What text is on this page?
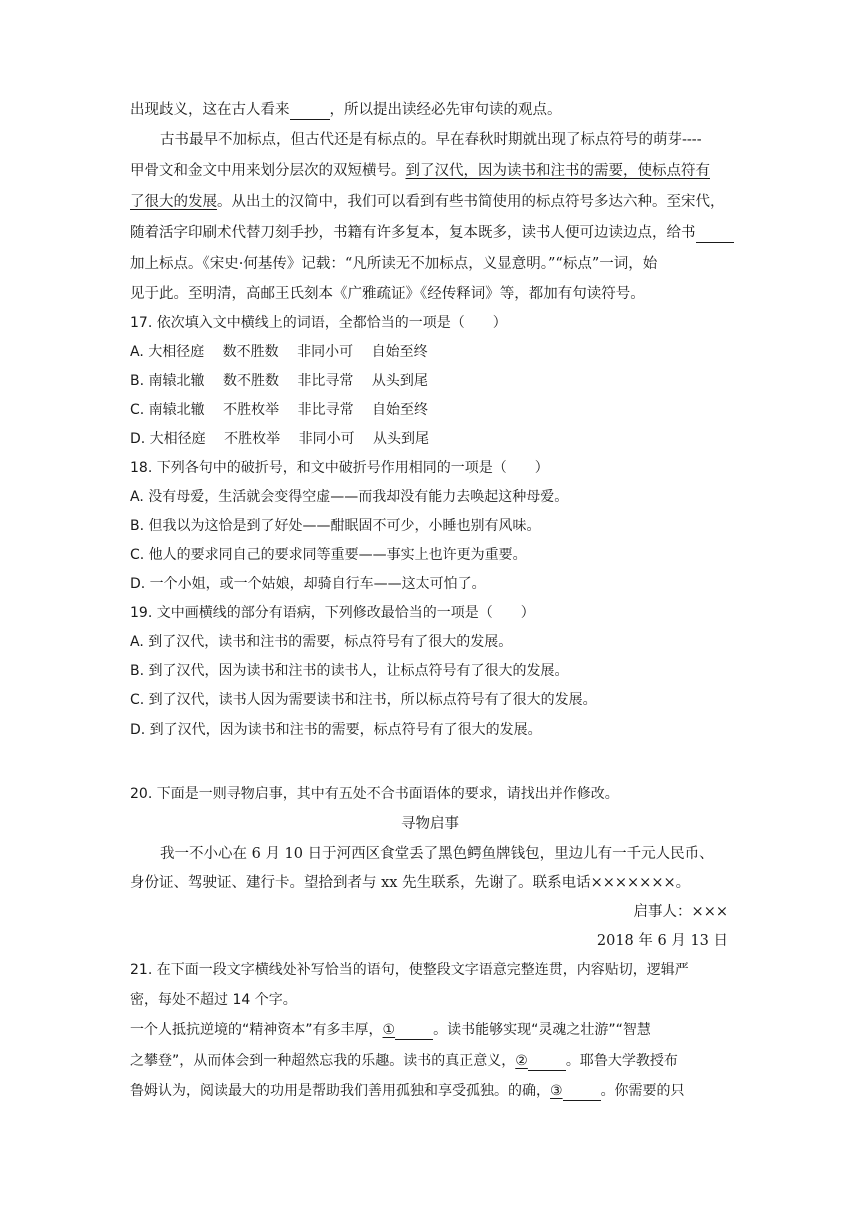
出现歧义，这在古人看来	，所以提出读经必先审句读的观点。
古书最早不加标点，但古代还是有标点的。早在春秋时期就出现了标点符号的萌芽----
甲骨文和金文中用来划分层次的双短横号。到了汉代，因为读书和注书的需要，使标点符有
了很大的发展。从出土的汉简中，我们可以看到有些书简使用的标点符号多达六种。至宋代，
随着活字印刷术代替刀刻手抄，书籍有许多复本，复本既多，读书人便可边读边点，给书
加上标点。《宋史·何基传》记载：“凡所读无不加标点，义显意明。”“标点”一词，始
见于此。至明清，高邮王氏刻本《广雅疏证》《经传释词》等，都加有句读符号。
17. 依次填入文中横线上的词语，全都恰当的一项是（　　）
A. 大相径庭　 数不胜数　 非同小可　 自始至终
B. 南辕北辙　 数不胜数　 非比寻常　 从头到尾
C. 南辕北辙　 不胜枚举　 非比寻常　 自始至终
D. 大相径庭　 不胜枚举　 非同小可　 从头到尾
18. 下列各句中的破折号，和文中破折号作用相同的一项是（　　）
A. 没有母爱，生活就会变得空虚——而我却没有能力去唤起这种母爱。
B. 但我以为这恰是到了好处——酣眠固不可少，小睡也别有风味。
C. 他人的要求同自己的要求同等重要——事实上也许更为重要。
D. 一个小姐，或一个姑娘，却骑自行车——这太可怕了。
19. 文中画横线的部分有语病，下列修改最恰当的一项是（　　）
A. 到了汉代，读书和注书的需要，标点符号有了很大的发展。
B. 到了汉代，因为读书和注书的读书人，让标点符号有了很大的发展。
C. 到了汉代，读书人因为需要读书和注书，所以标点符号有了很大的发展。
D. 到了汉代，因为读书和注书的需要，标点符号有了很大的发展。
20. 下面是一则寻物启事，其中有五处不合书面语体的要求，请找出并作修改。
寻物启事
我一不小心在 6 月 10 日于河西区食堂丢了黑色鳄鱼牌钱包，里边儿有一千元人民币、
身份证、驾驶证、建行卡。望拾到者与 xx 先生联系，先谢了。联系电话×××××××。
启事人：×××
2018 年 6 月 13 日
21. 在下面一段文字横线处补写恰当的语句，使整段文字语意完整连贯，内容贴切，逻辑严
密，每处不超过 14 个字。
一个人抵抗逆境的“精神资本”有多丰厚，①	。读书能够实现“灵魂之壮游”“智慧
之攀登”，从而体会到一种超然忘我的乐趣。读书的真正意义，②	。耶鲁大学教授布
鲁姆认为，阅读最大的功用是帮助我们善用孤独和享受孤独。的确，③	。你需要的只
